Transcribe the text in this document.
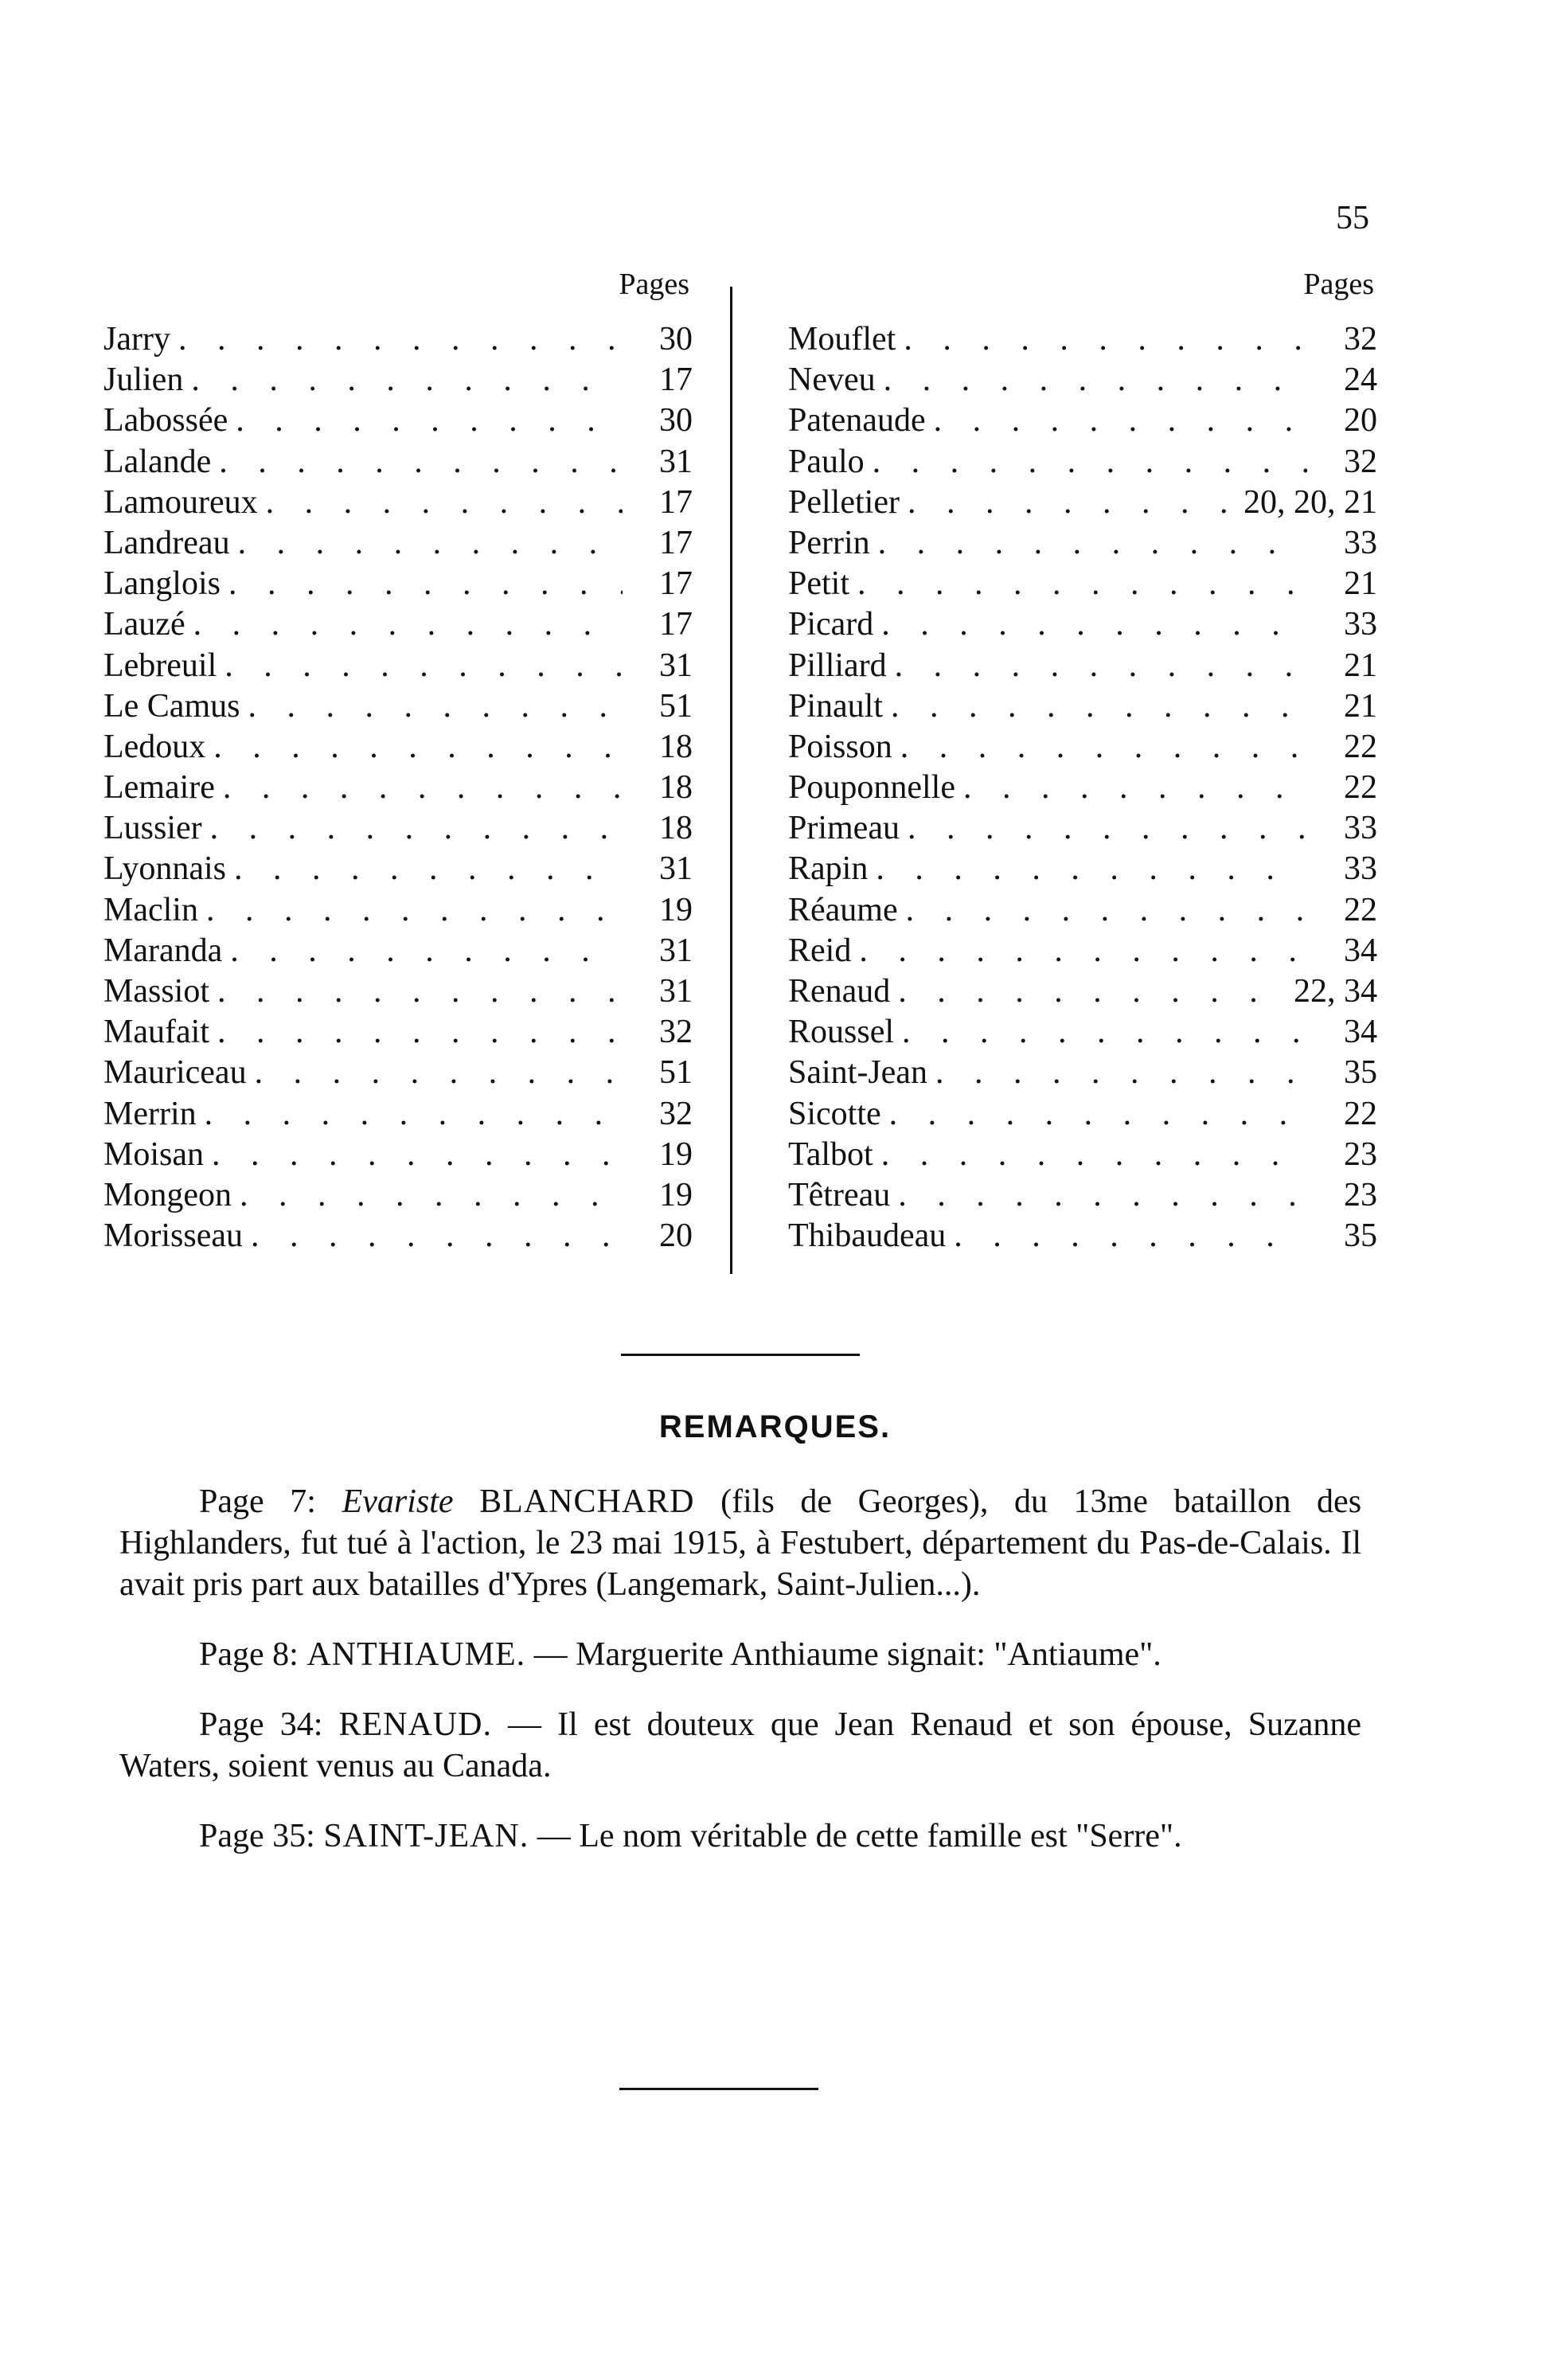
55
Pages
Jarry . . .	30
Julien . . .	17
Labossée . . .	30
Lalande . . .	31
Lamoureux . . .	17
Landreau . . .	17
Langlois . . .	17
Lauzé . . .	17
Lebreuil . . .	31
Le Camus . . .	51
Ledoux . . .	18
Lemaire . . .	18
Lussier . . .	18
Lyonnais . . .	31
Maclin . . .	19
Maranda . . .	31
Massiot . . .	31
Maufait . . .	32
Mauriceau . . .	51
Merrin . . .	32
Moisan . . .	19
Mongeon . . .	19
Morisseau . . .	20
Pages
Mouflet . . .	32
Neveu . . .	24
Patenaude . . .	20
Paulo . . .	32
Pelletier . . .	20, 20, 21
Perrin . . .	33
Petit . . .	21
Picard . . .	33
Pilliard . . .	21
Pinault . . .	21
Poisson . . .	22
Pouponnelle . . .	22
Primeau . . .	33
Rapin . . .	33
Réaume . . .	22
Reid . . .	34
Renaud . . .	22, 34
Roussel . . .	34
Saint-Jean . . .	35
Sicotte . . .	22
Talbot . . .	23
Têtreau . . .	23
Thibaudeau . . .	35
REMARQUES.

Page 7: Evariste BLANCHARD (fils de Georges), du 13me bataillon des Highlanders, fut tué à l'action, le 23 mai 1915, à Festubert, département du Pas-de-Calais. Il avait pris part aux batailles d'Ypres (Langemark, Saint-Julien...).

Page 8: ANTHIAUME. — Marguerite Anthiaume signait: "Antiaume".

Page 34: RENAUD. — Il est douteux que Jean Renaud et son épouse, Suzanne Waters, soient venus au Canada.

Page 35: SAINT-JEAN. — Le nom véritable de cette famille est "Serre".
